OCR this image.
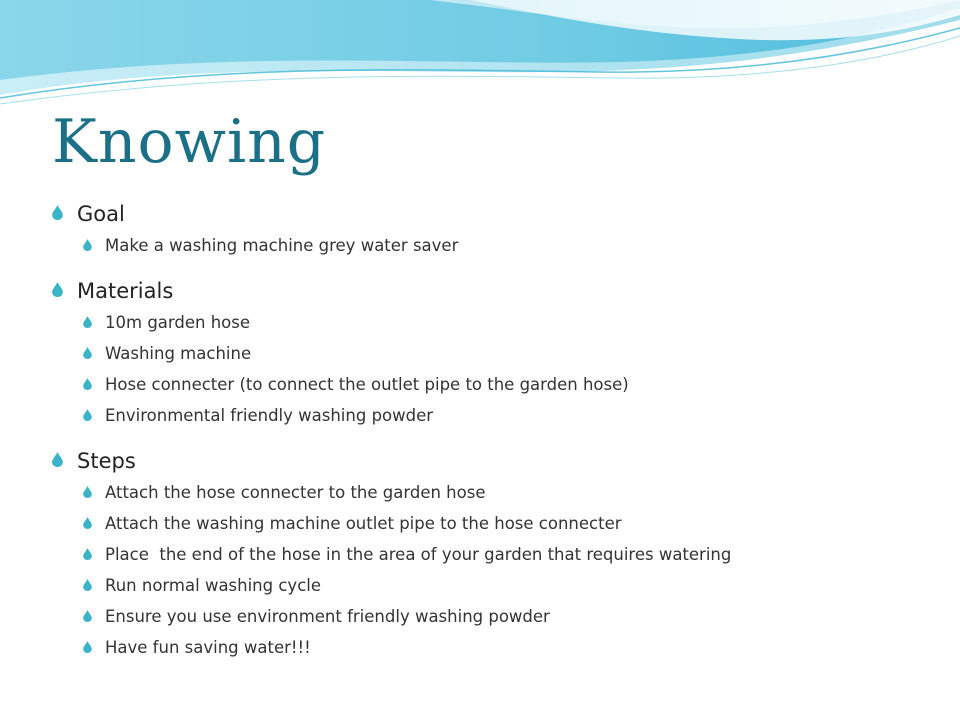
Knowing
Goal
Make a washing machine grey water saver
Materials
10m garden hose
Washing machine
Hose connecter (to connect the outlet pipe to the garden hose)
Environmental friendly washing powder
Steps
Attach the hose connecter to the garden hose
Attach the washing machine outlet pipe to the hose connecter
Place  the end of the hose in the area of your garden that requires watering
Run normal washing cycle
Ensure you use environment friendly washing powder
Have fun saving water!!!
